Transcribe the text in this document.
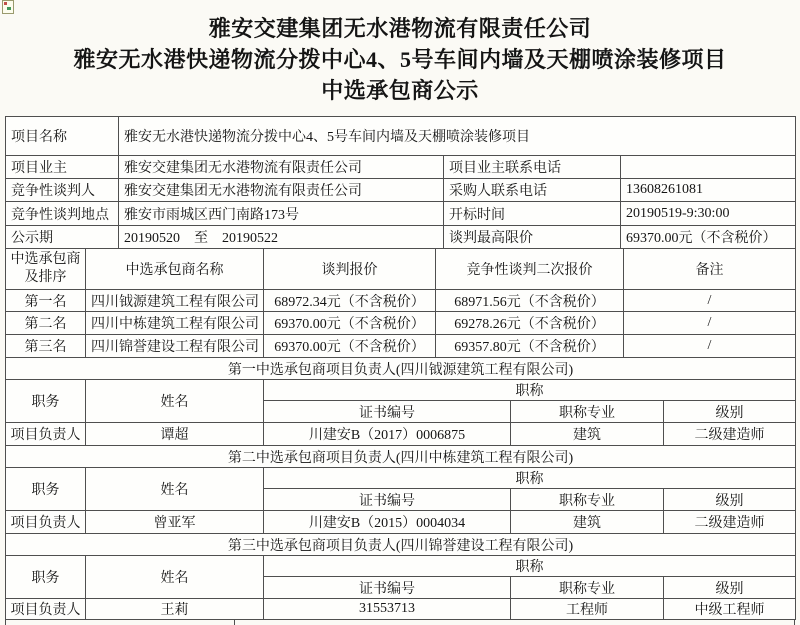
雅安交建集团无水港物流有限责任公司
雅安无水港快递物流分拨中心4、5号车间内墙及天棚喷涂装修项目
中选承包商公示
项目名称	雅安无水港快递物流分拨中心4、5号车间内墙及天棚喷涂装修项目		
项目业主	雅安交建集团无水港物流有限责任公司	项目业主联系电话	
竞争性谈判人	雅安交建集团无水港物流有限责任公司	采购人联系电话	13608261081
竞争性谈判地点	雅安市雨城区西门南路173号	开标时间	20190519-9:30:00
公示期	20190520　至　20190522	谈判最高限价	69370.00元（不含税价）
中选承包商
及排序	中选承包商名称	谈判报价	竞争性谈判二次报价	备注
第一名	四川钺源建筑工程有限公司	68972.34元（不含税价）	68971.56元（不含税价）	/
第二名	四川中栋建筑工程有限公司	69370.00元（不含税价）	69278.26元（不含税价）	/
第三名	四川锦誉建设工程有限公司	69370.00元（不含税价）	69357.80元（不含税价）	/
第一中选承包商项目负责人(四川钺源建筑工程有限公司)				
职务	姓名	职称		
		证书编号	职称专业	级别
项目负责人	谭超	川建安B（2017）0006875	建筑	二级建造师
第二中选承包商项目负责人(四川中栋建筑工程有限公司)				
职务	姓名	职称		
		证书编号	职称专业	级别
项目负责人	曾亚军	川建安B（2015）0004034	建筑	二级建造师
第三中选承包商项目负责人(四川锦誉建设工程有限公司)				
职务	姓名	职称		
		证书编号	职称专业	级别
项目负责人	王莉	31553713	工程师	中级工程师
